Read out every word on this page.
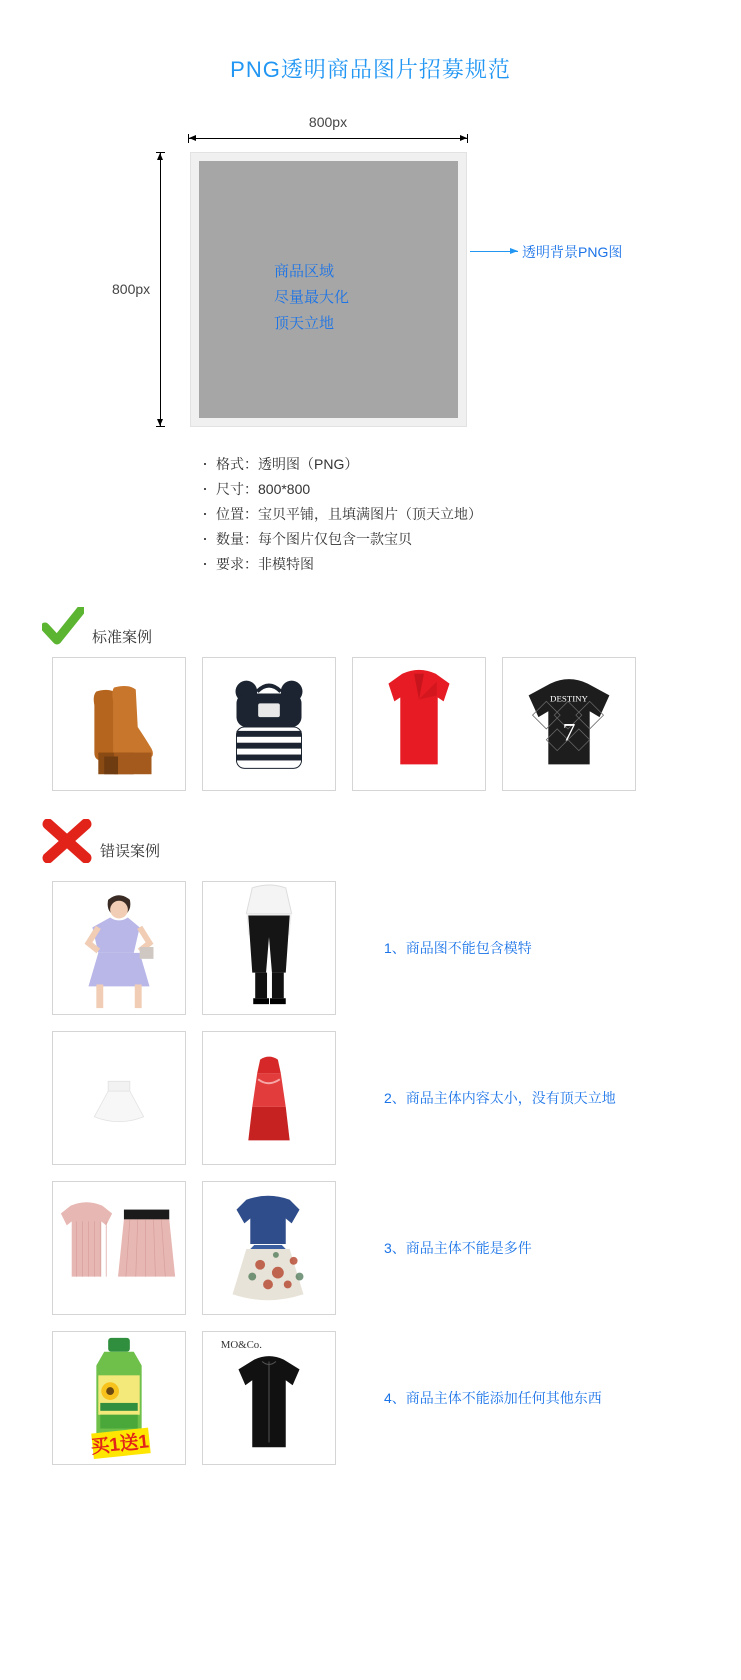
PNG透明商品图片招募规范
800px
800px
商品区域
尽量最大化
顶天立地
透明背景PNG图
· 格式：透明图（PNG）
· 尺寸：800*800
· 位置：宝贝平铺，且填满图片（顶天立地）
· 数量：每个图片仅包含一款宝贝
· 要求：非模特图
标准案例
DESTINY
7
错误案例
1、商品图不能包含模特
2、商品主体内容太小，没有顶天立地
3、商品主体不能是多件
买1送1
MO&Co.
4、商品主体不能添加任何其他东西
